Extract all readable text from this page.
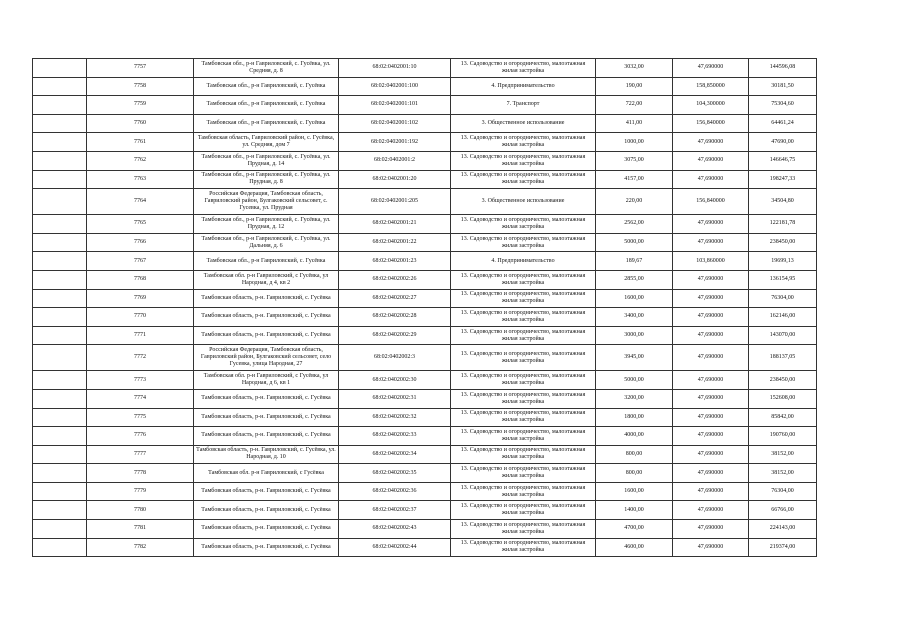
	7757	Тамбовская обл., р-н Гавриловский, с. Гусёвка, ул. Средняя, д. 8	68:02:0402001:10	13. Садоводство и огородничество, малоэтажная жилая застройка	3032,00	47,690000	144596,08
	7758	Тамбовская обл., р-н Гавриловский, с. Гусёвка	68:02:0402001:100	4. Предпринимательство	190,00	158,850000	30181,50
	7759	Тамбовская обл., р-н Гавриловский, с. Гусёвка	68:02:0402001:101	7. Транспорт	722,00	104,300000	75304,60
	7760	Тамбовская обл., р-н Гавриловский, с. Гусёвка	68:02:0402001:102	3. Общественное использование	411,00	156,840000	64461,24
	7761	Тамбовская область, Гавриловский район, с. Гусёвка, ул. Средняя, дом 7	68:02:0402001:192	13. Садоводство и огородничество, малоэтажная жилая застройка	1000,00	47,690000	47690,00
	7762	Тамбовская обл., р-н Гавриловский, с. Гусёвка, ул. Прудная, д. 14	68:02:0402001:2	13. Садоводство и огородничество, малоэтажная жилая застройка	3075,00	47,690000	146646,75
	7763	Тамбовская обл., р-н Гавриловский, с. Гусёвка, ул. Прудная, д. 8	68:02:0402001:20	13. Садоводство и огородничество, малоэтажная жилая застройка	4157,00	47,690000	198247,33
	7764	Российская Федерация, Тамбовская область, Гавриловский район, Булгаковский сельсовет, с. Гусевка, ул. Прудная	68:02:0402001:205	3. Общественное использование	220,00	156,840000	34504,80
	7765	Тамбовская обл., р-н Гавриловский, с. Гусёвка, ул. Прудная, д. 12	68:02:0402001:21	13. Садоводство и огородничество, малоэтажная жилая застройка	2562,00	47,690000	122181,78
	7766	Тамбовская обл., р-н Гавриловский, с. Гусёвка, ул. Дальняя, д. 6	68:02:0402001:22	13. Садоводство и огородничество, малоэтажная жилая застройка	5000,00	47,690000	238450,00
	7767	Тамбовская обл., р-н Гавриловский, с. Гусёвка	68:02:0402001:23	4. Предпринимательство	189,67	103,860000	19699,13
	7768	Тамбовская обл. р-н Гавриловский, с Гусёвка, ул Народная, д 4, кв 2	68:02:0402002:26	13. Садоводство и огородничество, малоэтажная жилая застройка	2855,00	47,690000	136154,95
	7769	Тамбовская область, р-н. Гавриловский, с. Гусёвка	68:02:0402002:27	13. Садоводство и огородничество, малоэтажная жилая застройка	1600,00	47,690000	76304,00
	7770	Тамбовская область, р-н. Гавриловский, с. Гусёвка	68:02:0402002:28	13. Садоводство и огородничество, малоэтажная жилая застройка	3400,00	47,690000	162146,00
	7771	Тамбовская область, р-н. Гавриловский, с. Гусёвка	68:02:0402002:29	13. Садоводство и огородничество, малоэтажная жилая застройка	3000,00	47,690000	143070,00
	7772	Российская Федерация, Тамбовская область, Гавриловский район, Булгаковский сельсовет, село Гусевка, улица Народная, 27	68:02:0402002:3	13. Садоводство и огородничество, малоэтажная жилая застройка	3945,00	47,690000	188137,05
	7773	Тамбовская обл. р-н Гавриловский, с Гусёвка, ул Народная, д 6, кв 1	68:02:0402002:30	13. Садоводство и огородничество, малоэтажная жилая застройка	5000,00	47,690000	238450,00
	7774	Тамбовская область, р-н. Гавриловский, с. Гусёвка	68:02:0402002:31	13. Садоводство и огородничество, малоэтажная жилая застройка	3200,00	47,690000	152608,00
	7775	Тамбовская область, р-н. Гавриловский, с. Гусёвка	68:02:0402002:32	13. Садоводство и огородничество, малоэтажная жилая застройка	1800,00	47,690000	85842,00
	7776	Тамбовская область, р-н. Гавриловский, с. Гусёвка	68:02:0402002:33	13. Садоводство и огородничество, малоэтажная жилая застройка	4000,00	47,690000	190760,00
	7777	Тамбовская область, р-н. Гавриловский, с. Гусёвка, ул. Народная, д. 10	68:02:0402002:34	13. Садоводство и огородничество, малоэтажная жилая застройка	800,00	47,690000	38152,00
	7778	Тамбовская обл. р-н Гавриловский, с Гусёвка	68:02:0402002:35	13. Садоводство и огородничество, малоэтажная жилая застройка	800,00	47,690000	38152,00
	7779	Тамбовская область, р-н. Гавриловский, с. Гусёвка	68:02:0402002:36	13. Садоводство и огородничество, малоэтажная жилая застройка	1600,00	47,690000	76304,00
	7780	Тамбовская область, р-н. Гавриловский, с. Гусёвка	68:02:0402002:37	13. Садоводство и огородничество, малоэтажная жилая застройка	1400,00	47,690000	66766,00
	7781	Тамбовская область, р-н. Гавриловский, с. Гусёвка	68:02:0402002:43	13. Садоводство и огородничество, малоэтажная жилая застройка	4700,00	47,690000	224143,00
	7782	Тамбовская область, р-н. Гавриловский, с. Гусёвка	68:02:0402002:44	13. Садоводство и огородничество, малоэтажная жилая застройка	4600,00	47,690000	219374,00
